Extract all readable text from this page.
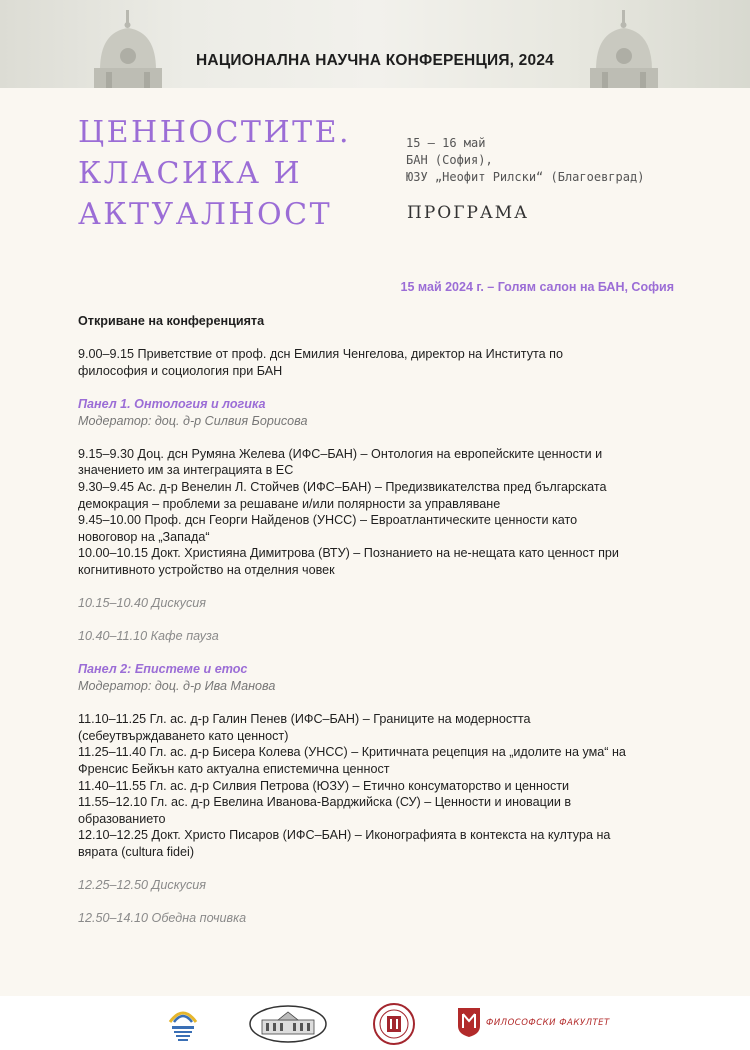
НАЦИОНАЛНА НАУЧНА КОНФЕРЕНЦИЯ, 2024
ЦЕННОСТИТЕ.
КЛАСИКА И
АКТУАЛНОСТ
15 – 16 май
БАН (София),
ЮЗУ „Неофит Рилски“ (Благоевград)
ПРОГРАМА
15 май 2024 г. – Голям салон на БАН, София

Откриване на конференцията

9.00–9.15 Приветствие от проф. дсн Емилия Ченгелова, директор на Института по

философия и социология при БАН

Панел 1. Онтология и логика

Модератор: доц. д-р Силвия Борисова

9.15–9.30 Доц. дсн Румяна Желева (ИФС–БАН) – Онтология на европейските ценности и

значението им за интеграцията в ЕС

9.30–9.45 Ас. д-р Венелин Л. Стойчев (ИФС–БАН) – Предизвикателства пред българската

демокрация – проблеми за решаване и/или полярности за управляване

9.45–10.00 Проф. дсн Георги Найденов (УНСС) – Евроатлантическите ценности като

новоговор на „Запада“

10.00–10.15 Докт. Християна Димитрова (ВТУ) – Познанието на не-нещата като ценност при

когнитивното устройство на отделния човек

10.15–10.40 Дискусия

10.40–11.10 Кафе пауза

Панел 2: Епистеме и етос

Модератор: доц. д-р Ива Манова

11.10–11.25 Гл. ас. д-р Галин Пенев (ИФС–БАН) – Границите на модерността

(себеутвърждаването като ценност)

11.25–11.40 Гл. ас. д-р Бисера Колева (УНСС) – Критичната рецепция на „идолите на ума“ на

Френсис Бейкън като актуална епистемична ценност

11.40–11.55 Гл. ас. д-р Силвия Петрова (ЮЗУ) – Етично консуматорство и ценности

11.55–12.10 Гл. ас. д-р Евелина Иванова-Варджийска (СУ) – Ценности и иновации в

образованието

12.10–12.25 Докт. Христо Писаров (ИФС–БАН) – Иконографията в контекста на култура на

вярата (cultura fidei)

12.25–12.50 Дискусия

12.50–14.10 Обедна почивка

ФИЛОСОФСКИ ФАКУЛТЕТ
